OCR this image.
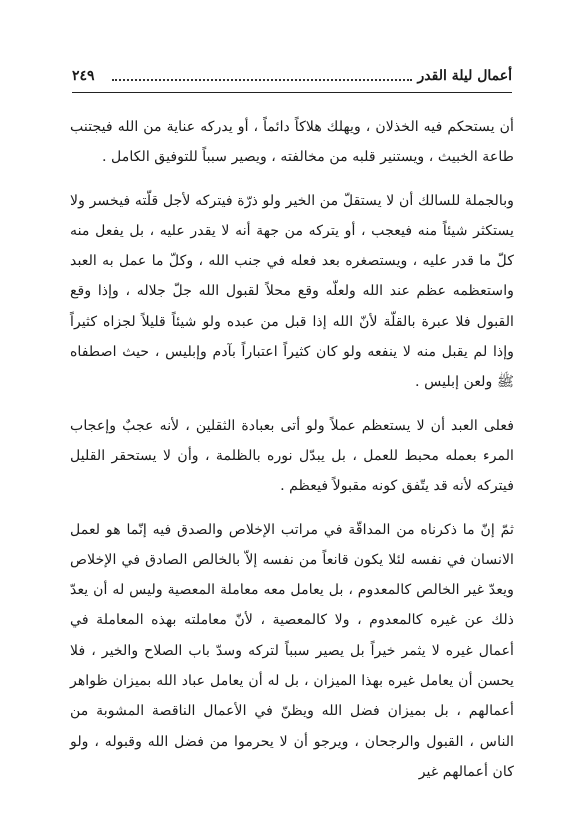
٢٤٩	أعمال ليلة القدر

أن يستحكم فيه الخذلان ، ويهلك هلاكاً دائماً ، أو يدركه عناية من الله فيجتنب طاعة الخبيث ، ويستنير قلبه من مخالفته ، ويصير سبباً للتوفيق الكامل .

وبالجملة للسالك أن لا يستقلّ من الخير ولو ذرّة فيتركه لأجل قلّته فيخسر ولا يستكثر شيئاً منه فيعجب ، أو يتركه من جهة أنه لا يقدر عليه ، بل يفعل منه كلّ ما قدر عليه ، ويستصغره بعد فعله في جنب الله ، وكلّ ما عمل به العبد واستعظمه عظم عند الله ولعلّه وقع محلاً لقبول الله جلّ جلاله ، وإذا وقع القبول فلا عبرة بالقلّة لأنّ الله إذا قبل من عبده ولو شيئاً قليلاً لجزاه كثيراً وإذا لم يقبل منه لا ينفعه ولو كان كثيراً اعتباراً بآدم وإبليس ، حيث اصطفاه ﷺ ولعن إبليس .

فعلى العبد أن لا يستعظم عملاً ولو أتى بعبادة الثقلين ، لأنه عجبٌ وإعجاب المرء بعمله محبط للعمل ، بل يبدّل نوره بالظلمة ، وأن لا يستحقر القليل فيتركه لأنه قد يتّفق كونه مقبولاً فيعظم .

ثمّ إنّ ما ذكرناه من المداقّة في مراتب الإخلاص والصدق فيه إنّما هو لعمل الانسان في نفسه لئلا يكون قانعاً من نفسه إلاّ بالخالص الصادق في الإخلاص ويعدّ غير الخالص كالمعدوم ، بل يعامل معه معاملة المعصية وليس له أن يعدّ ذلك عن غيره كالمعدوم ، ولا كالمعصية ، لأنّ معاملته بهذه المعاملة في أعمال غيره لا يثمر خيراً بل يصير سبباً لتركه وسدّ باب الصلاح والخير ، فلا يحسن أن يعامل غيره بهذا الميزان ، بل له أن يعامل عباد الله بميزان ظواهر أعمالهم ، بل بميزان فضل الله ويظنّ في الأعمال الناقصة المشوبة من الناس ، القبول والرجحان ، ويرجو أن لا يحرموا من فضل الله وقبوله ، ولو كان أعمالهم غير
